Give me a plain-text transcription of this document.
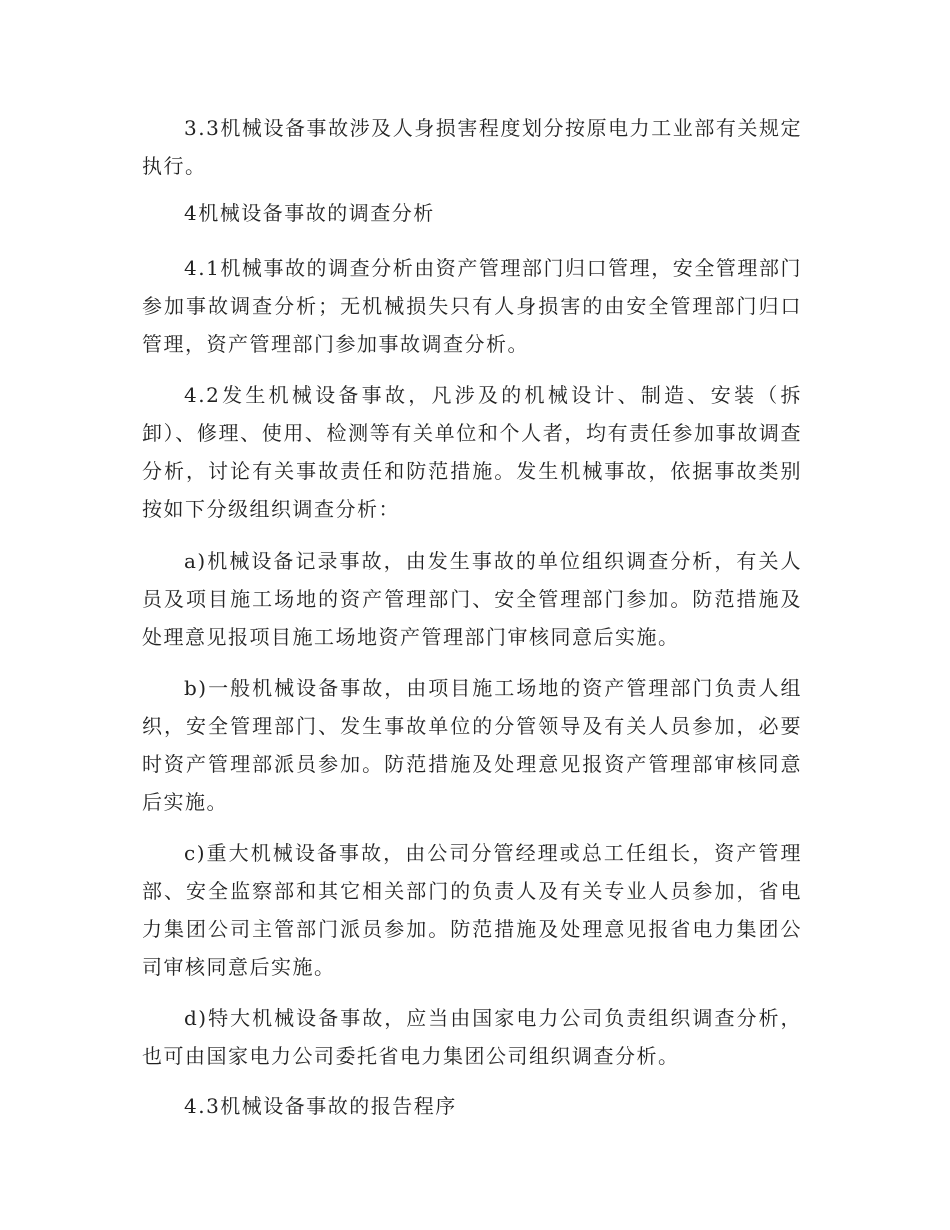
3.3机械设备事故涉及人身损害程度划分按原电力工业部有关规定执行。

4机械设备事故的调查分析

4.1机械事故的调查分析由资产管理部门归口管理，安全管理部门参加事故调查分析；无机械损失只有人身损害的由安全管理部门归口管理，资产管理部门参加事故调查分析。

4.2发生机械设备事故，凡涉及的机械设计、制造、安装（拆卸）、修理、使用、检测等有关单位和个人者，均有责任参加事故调查分析，讨论有关事故责任和防范措施。发生机械事故，依据事故类别按如下分级组织调查分析：

a)机械设备记录事故，由发生事故的单位组织调查分析，有关人员及项目施工场地的资产管理部门、安全管理部门参加。防范措施及处理意见报项目施工场地资产管理部门审核同意后实施。

b)一般机械设备事故，由项目施工场地的资产管理部门负责人组织，安全管理部门、发生事故单位的分管领导及有关人员参加，必要时资产管理部派员参加。防范措施及处理意见报资产管理部审核同意后实施。

c)重大机械设备事故，由公司分管经理或总工任组长，资产管理部、安全监察部和其它相关部门的负责人及有关专业人员参加，省电力集团公司主管部门派员参加。防范措施及处理意见报省电力集团公司审核同意后实施。

d)特大机械设备事故，应当由国家电力公司负责组织调查分析，也可由国家电力公司委托省电力集团公司组织调查分析。

4.3机械设备事故的报告程序
